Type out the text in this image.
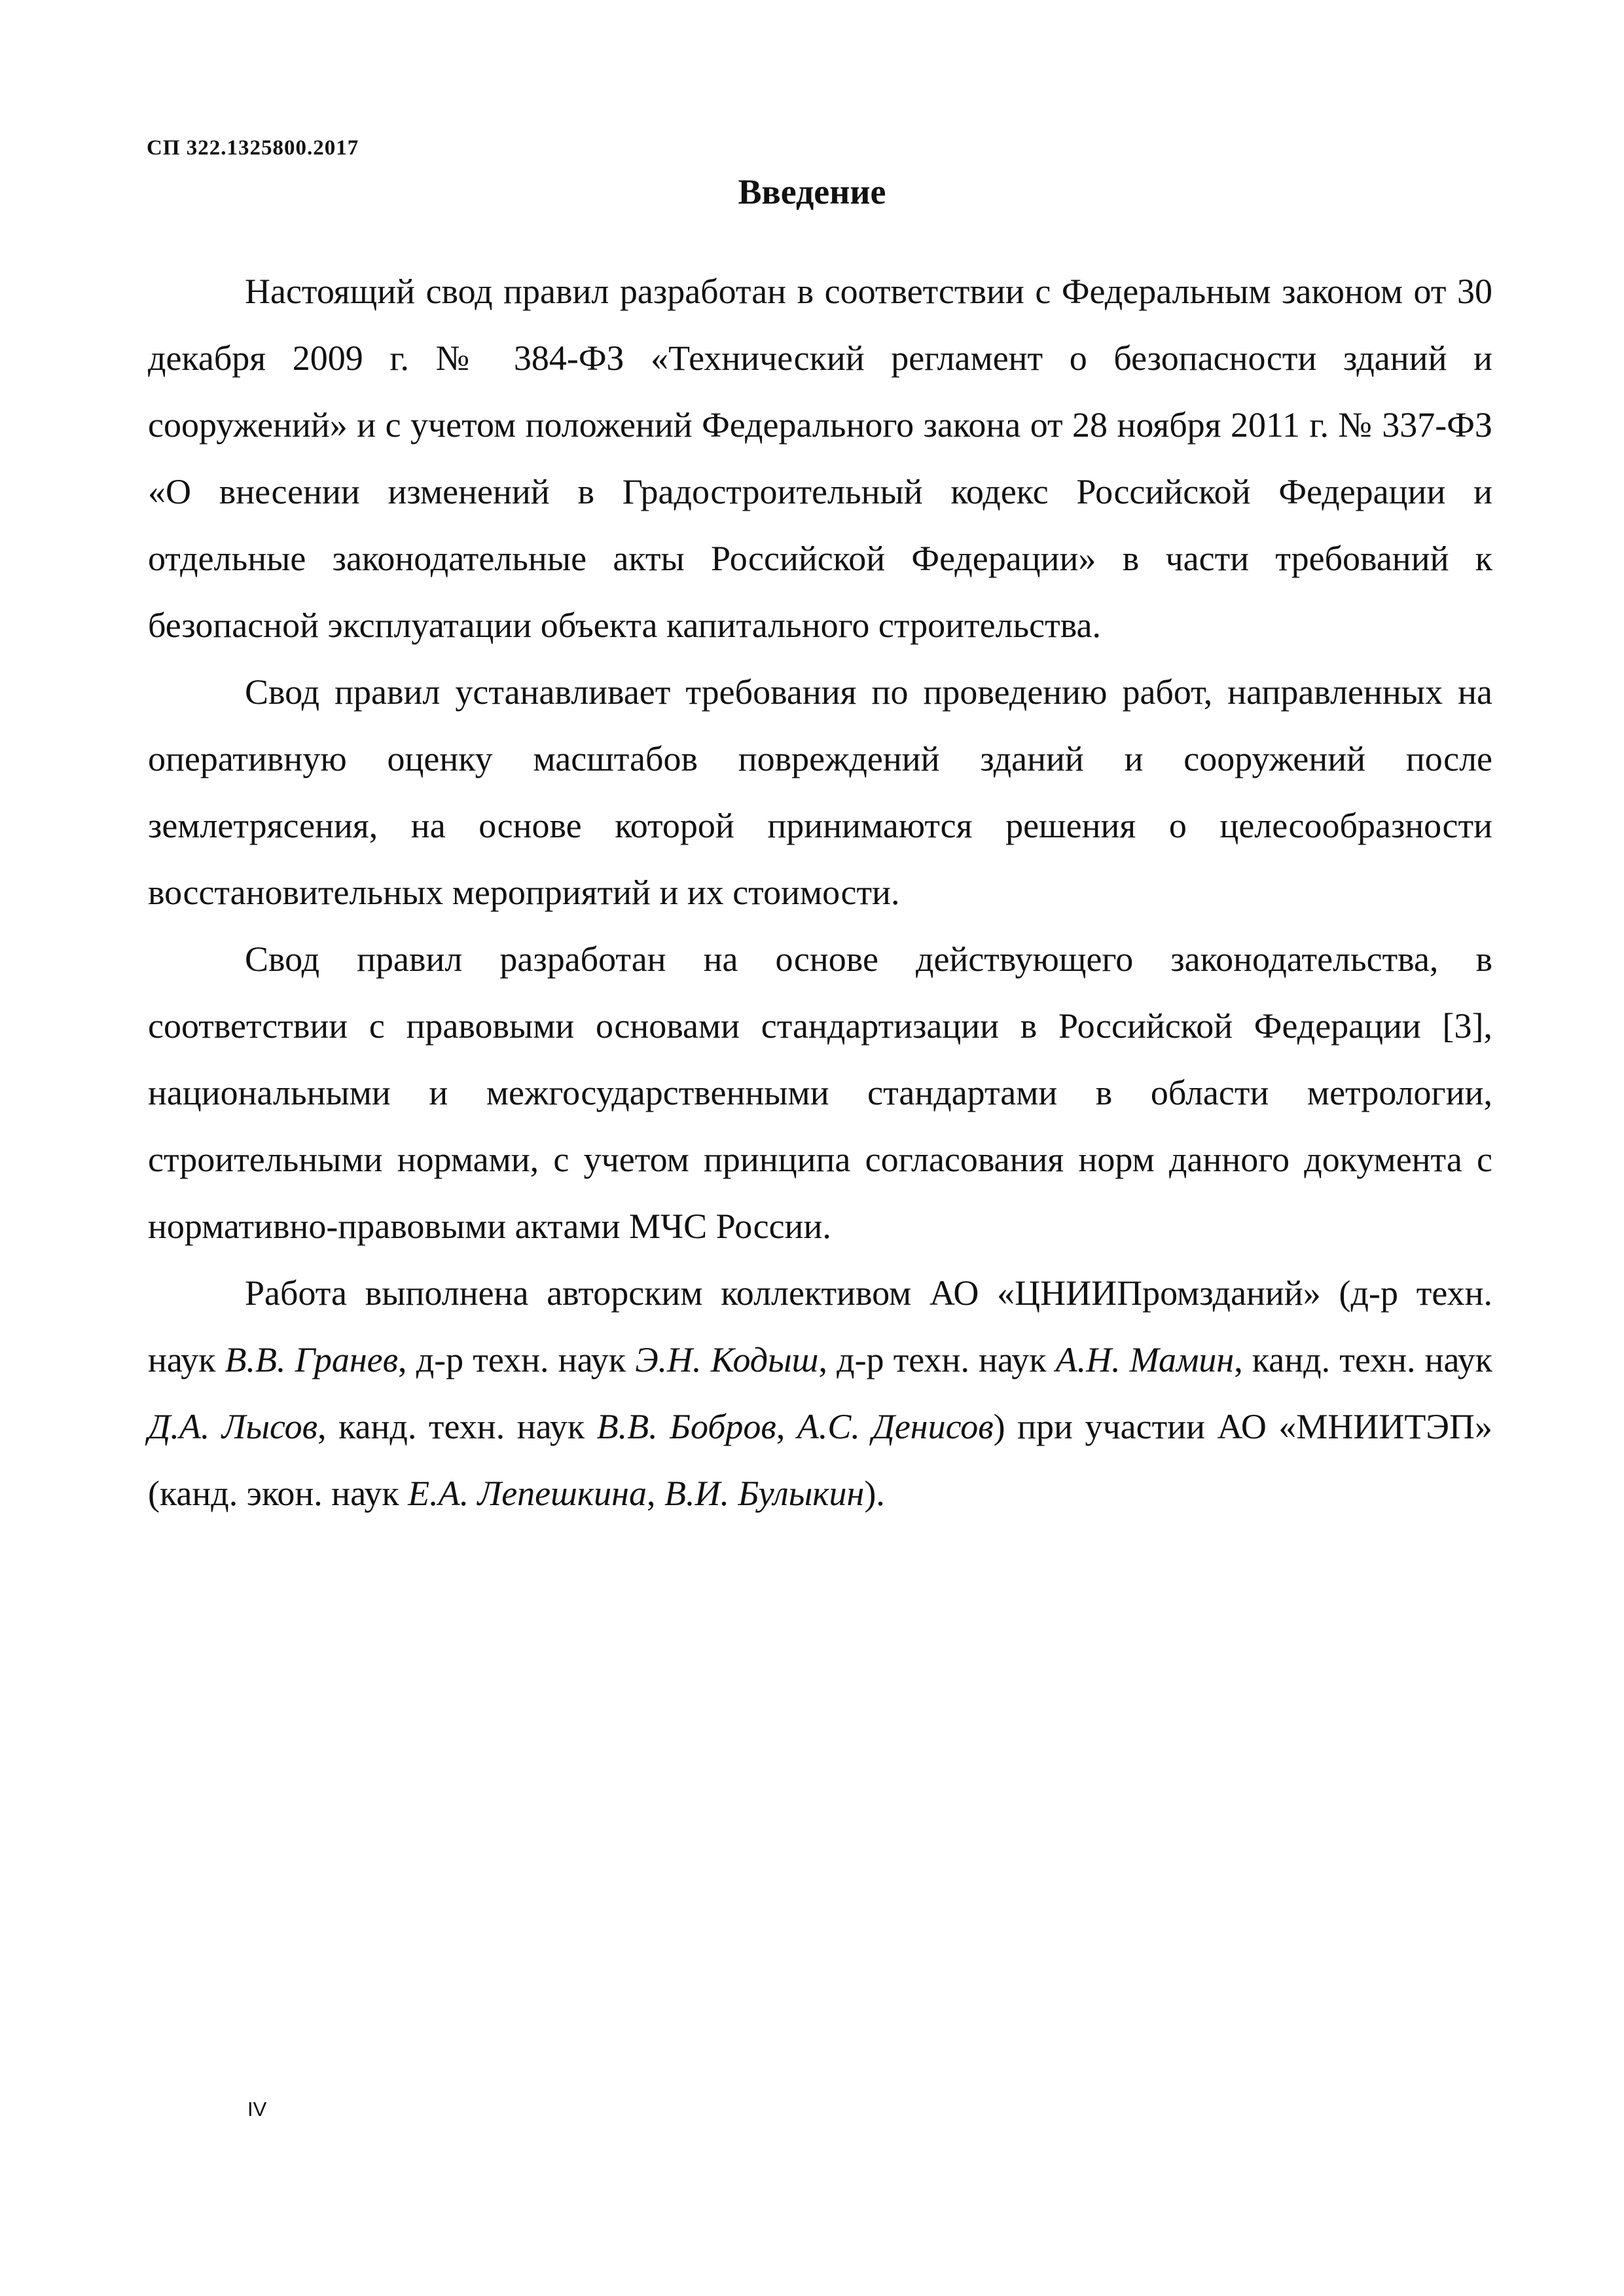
СП 322.1325800.2017
Введение

Настоящий свод правил разработан в соответствии с Федеральным законом от 30 декабря 2009 г. № 384-ФЗ «Технический регламент о безопасности зданий и сооружений» и с учетом положений Федерального закона от 28 ноября 2011 г. № 337-ФЗ «О внесении изменений в Градостроительный кодекс Российской Федерации и отдельные законодательные акты Российской Федерации» в части требований к безопасной эксплуатации объекта капитального строительства.

Свод правил устанавливает требования по проведению работ, направленных на оперативную оценку масштабов повреждений зданий и сооружений после землетрясения, на основе которой принимаются решения о целесообразности восстановительных мероприятий и их стоимости.

Свод правил разработан на основе действующего законодательства, в соответствии с правовыми основами стандартизации в Российской Федерации [3], национальными и межгосударственными стандартами в области метрологии, строительными нормами, с учетом принципа согласования норм данного документа с нормативно-правовыми актами МЧС России.

Работа выполнена авторским коллективом АО «ЦНИИПромзданий» (д-р техн. наук В.В. Гранев, д-р техн. наук Э.Н. Кодыш, д-р техн. наук А.Н. Мамин, канд. техн. наук Д.А. Лысов, канд. техн. наук В.В. Бобров, А.С. Денисов) при участии АО «МНИИТЭП» (канд. экон. наук Е.А. Лепешкина, В.И. Булыкин).

IV
